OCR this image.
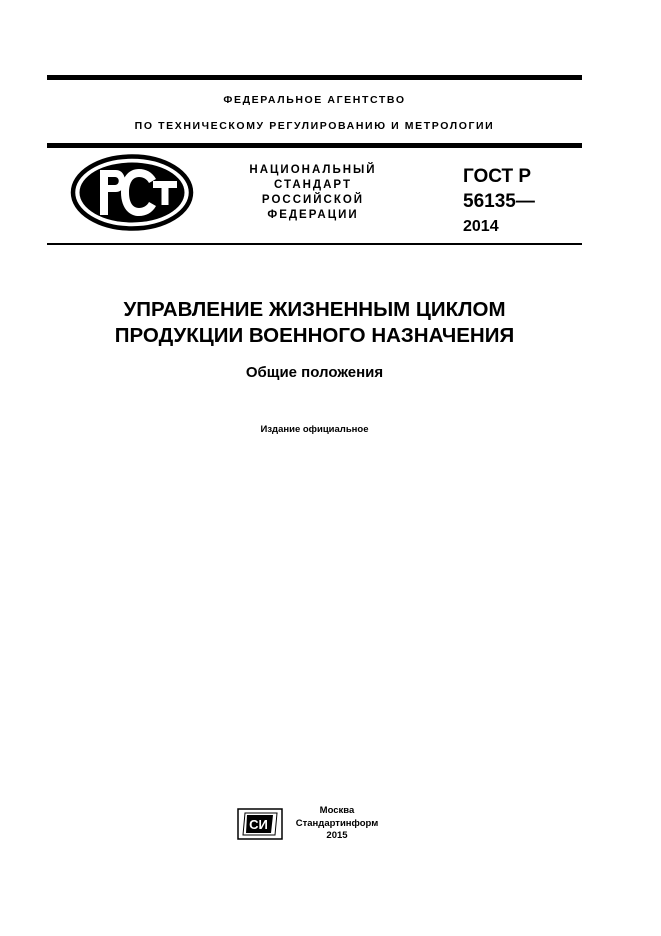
ФЕДЕРАЛЬНОЕ АГЕНТСТВО
ПО ТЕХНИЧЕСКОМУ РЕГУЛИРОВАНИЮ И МЕТРОЛОГИИ
НАЦИОНАЛЬНЫЙ
СТАНДАРТ
РОССИЙСКОЙ
ФЕДЕРАЦИИ
ГОСТ Р
56135—
2014
УПРАВЛЕНИЕ ЖИЗНЕННЫМ ЦИКЛОМ
ПРОДУКЦИИ ВОЕННОГО НАЗНАЧЕНИЯ
Общие положения
Издание официальное
СИ
Москва
Стандартинформ
2015
